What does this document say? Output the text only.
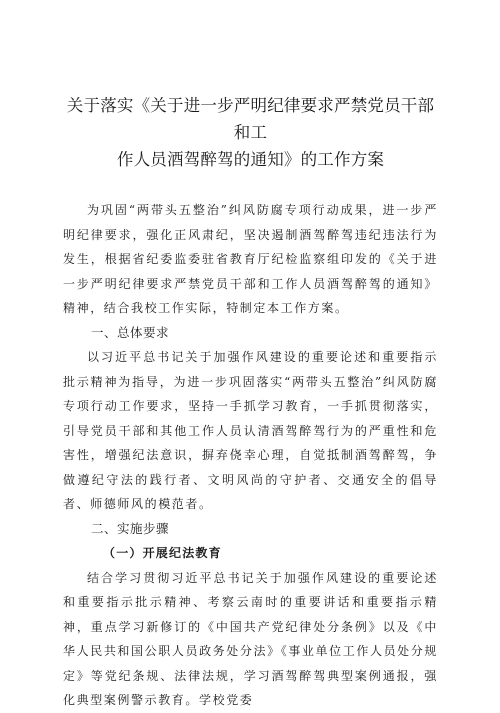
关于落实《关于进一步严明纪律要求严禁党员干部和工
作人员酒驾醉驾的通知》的工作方案

为巩固“两带头五整治”纠风防腐专项行动成果，进一步严明纪律要求，强化正风肃纪，坚决遏制酒驾醉驾违纪违法行为发生，根据省纪委监委驻省教育厅纪检监察组印发的《关于进一步严明纪律要求严禁党员干部和工作人员酒驾醉驾的通知》精神，结合我校工作实际，特制定本工作方案。

一、总体要求

以习近平总书记关于加强作风建设的重要论述和重要指示批示精神为指导，为进一步巩固落实“两带头五整治”纠风防腐专项行动工作要求，坚持一手抓学习教育，一手抓贯彻落实，引导党员干部和其他工作人员认清酒驾醉驾行为的严重性和危害性，增强纪法意识，摒弃侥幸心理，自觉抵制酒驾醉驾，争做遵纪守法的践行者、文明风尚的守护者、交通安全的倡导者、师德师风的模范者。

二、实施步骤
（一）开展纪法教育

结合学习贯彻习近平总书记关于加强作风建设的重要论述和重要指示批示精神、考察云南时的重要讲话和重要指示精神，重点学习新修订的《中国共产党纪律处分条例》以及《中华人民共和国公职人员政务处分法》《事业单位工作人员处分规定》等党纪条规、法律法规，学习酒驾醉驾典型案例通报，强化典型案例警示教育。学校党委
